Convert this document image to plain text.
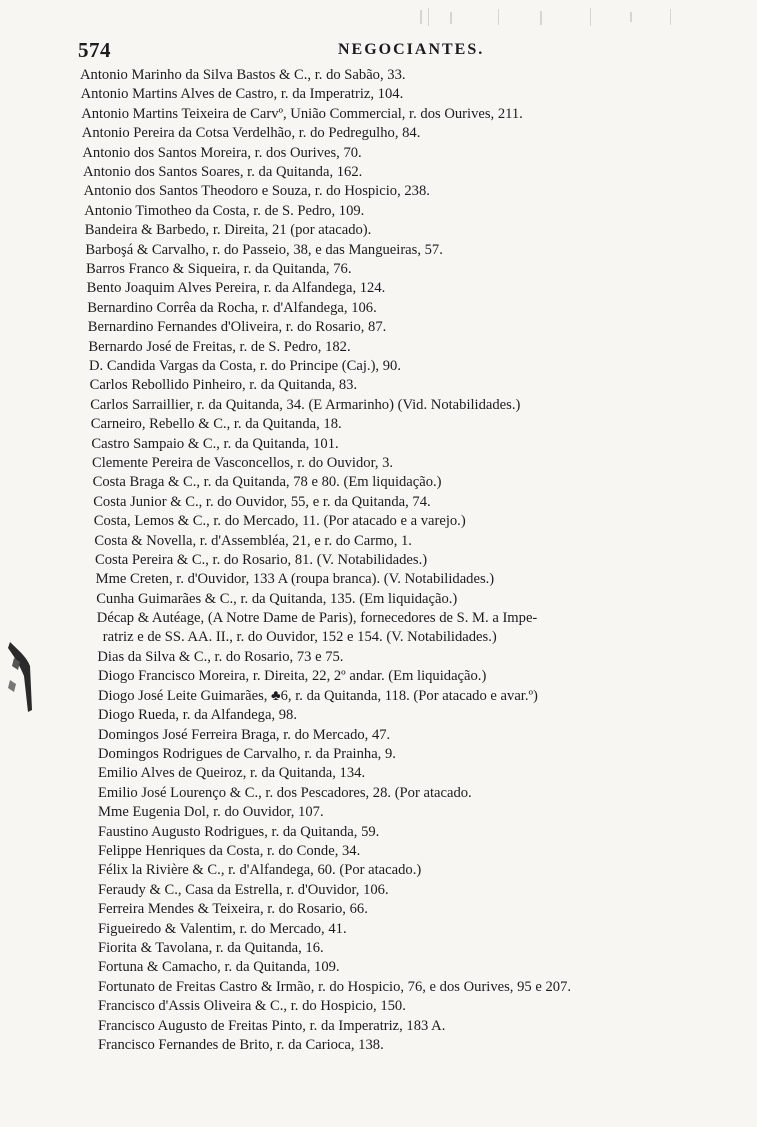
574	NEGOCIANTES.
Antonio Marinho da Silva Bastos & C., r. do Sabão, 33.
Antonio Martins Alves de Castro, r. da Imperatriz, 104.
Antonio Martins Teixeira de Carvº, União Commercial, r. dos Ourives, 211.
Antonio Pereira da Cotsa Verdelhão, r. do Pedregulho, 84.
Antonio dos Santos Moreira, r. dos Ourives, 70.
Antonio dos Santos Soares, r. da Quitanda, 162.
Antonio dos Santos Theodoro e Souza, r. do Hospicio, 238.
Antonio Timotheo da Costa, r. de S. Pedro, 109.
Bandeira & Barbedo, r. Direita, 21 (por atacado).
Barboşá & Carvalho, r. do Passeio, 38, e das Mangueiras, 57.
Barros Franco & Siqueira, r. da Quitanda, 76.
Bento Joaquim Alves Pereira, r. da Alfandega, 124.
Bernardino Corrêa da Rocha, r. d'Alfandega, 106.
Bernardino Fernandes d'Oliveira, r. do Rosario, 87.
Bernardo José de Freitas, r. de S. Pedro, 182.
D. Candida Vargas da Costa, r. do Principe (Caj.), 90.
Carlos Rebollido Pinheiro, r. da Quitanda, 83.
Carlos Sarraillier, r. da Quitanda, 34. (E Armarinho) (Vid. Notabilidades.)
Carneiro, Rebello & C., r. da Quitanda, 18.
Castro Sampaio & C., r. da Quitanda, 101.
Clemente Pereira de Vasconcellos, r. do Ouvidor, 3.
Costa Braga & C., r. da Quitanda, 78 e 80. (Em liquidação.)
Costa Junior & C., r. do Ouvidor, 55, e r. da Quitanda, 74.
Costa, Lemos & C., r. do Mercado, 11. (Por atacado e a varejo.)
Costa & Novella, r. d'Assembléa, 21, e r. do Carmo, 1.
Costa Pereira & C., r. do Rosario, 81. (V. Notabilidades.)
Mme Creten, r. d'Ouvidor, 133 A (roupa branca). (V. Notabilidades.)
Cunha Guimarães & C., r. da Quitanda, 135. (Em liquidação.)
Décap & Autéage, (A Notre Dame de Paris), fornecedores de S. M. a Impe-
ratriz e de SS. AA. II., r. do Ouvidor, 152 e 154. (V. Notabilidades.)
Dias da Silva & C., r. do Rosario, 73 e 75.
Diogo Francisco Moreira, r. Direita, 22, 2º andar. (Em liquidação.)
Diogo José Leite Guimarães, ♣6, r. da Quitanda, 118. (Por atacado e avar.º)
Diogo Rueda, r. da Alfandega, 98.
Domingos José Ferreira Braga, r. do Mercado, 47.
Domingos Rodrigues de Carvalho, r. da Prainha, 9.
Emilio Alves de Queiroz, r. da Quitanda, 134.
Emilio José Lourenço & C., r. dos Pescadores, 28. (Por atacado.
Mme Eugenia Dol, r. do Ouvidor, 107.
Faustino Augusto Rodrigues, r. da Quitanda, 59.
Felippe Henriques da Costa, r. do Conde, 34.
Félix la Rivière & C., r. d'Alfandega, 60. (Por atacado.)
Feraudy & C., Casa da Estrella, r. d'Ouvidor, 106.
Ferreira Mendes & Teixeira, r. do Rosario, 66.
Figueiredo & Valentim, r. do Mercado, 41.
Fiorita & Tavolana, r. da Quitanda, 16.
Fortuna & Camacho, r. da Quitanda, 109.
Fortunato de Freitas Castro & Irmão, r. do Hospicio, 76, e dos Ourives, 95 e 207.
Francisco d'Assis Oliveira & C., r. do Hospicio, 150.
Francisco Augusto de Freitas Pinto, r. da Imperatriz, 183 A.
Francisco Fernandes de Brito, r. da Carioca, 138.
